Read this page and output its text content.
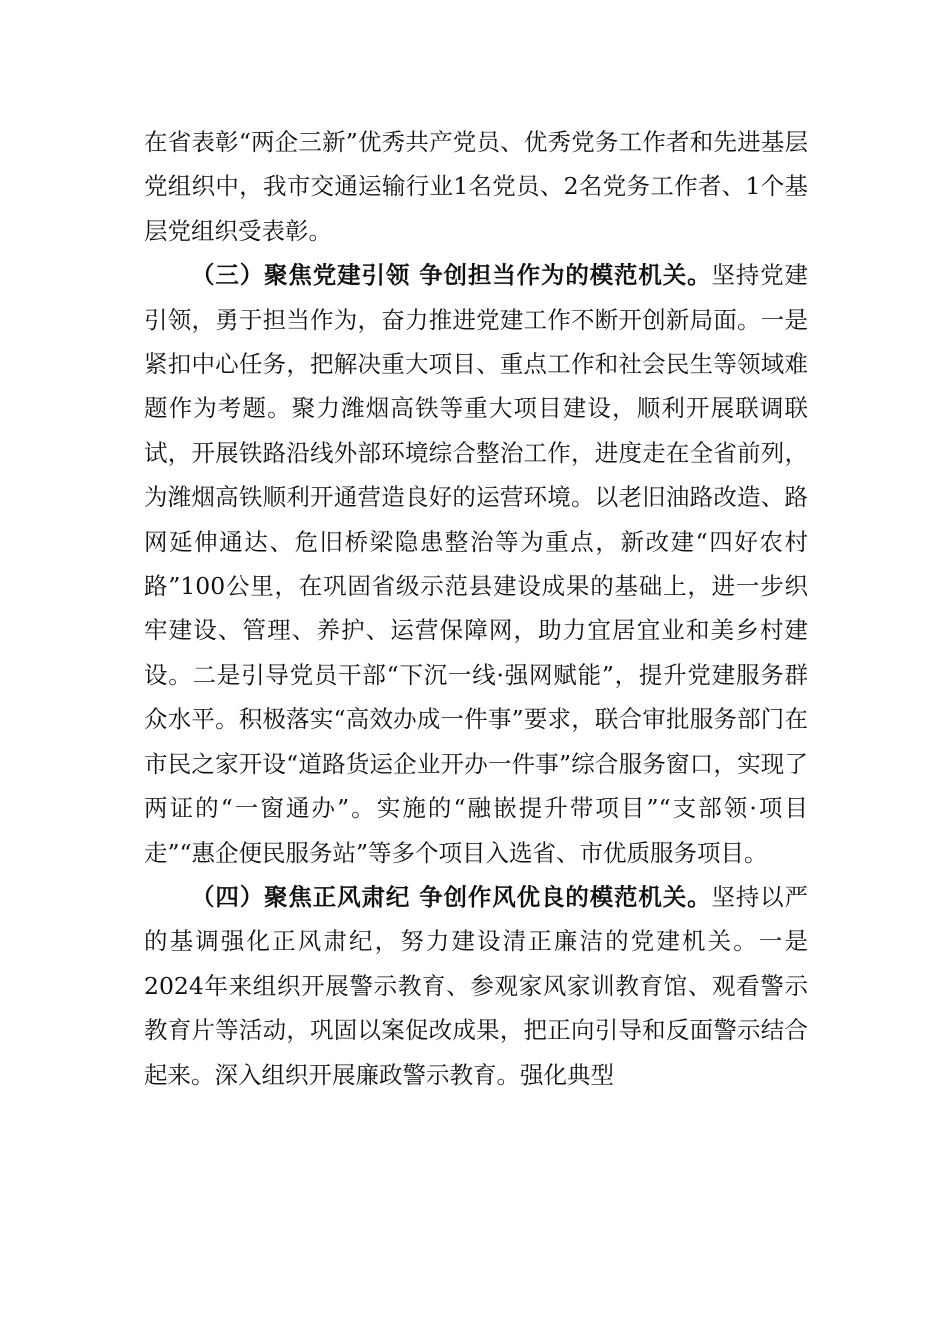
在省表彰“两企三新”优秀共产党员、优秀党务工作者和先进基层党组织中，我市交通运输行业1名党员、2名党务工作者、1个基层党组织受表彰。

（三）聚焦党建引领 争创担当作为的模范机关。坚持党建引领，勇于担当作为，奋力推进党建工作不断开创新局面。一是紧扣中心任务，把解决重大项目、重点工作和社会民生等领域难题作为考题。聚力潍烟高铁等重大项目建设，顺利开展联调联试，开展铁路沿线外部环境综合整治工作，进度走在全省前列，为潍烟高铁顺利开通营造良好的运营环境。以老旧油路改造、路网延伸通达、危旧桥梁隐患整治等为重点，新改建“四好农村路”100公里，在巩固省级示范县建设成果的基础上，进一步织牢建设、管理、养护、运营保障网，助力宜居宜业和美乡村建设。二是引导党员干部“下沉一线·强网赋能”，提升党建服务群众水平。积极落实“高效办成一件事”要求，联合审批服务部门在市民之家开设“道路货运企业开办一件事”综合服务窗口，实现了两证的“一窗通办”。实施的“融嵌提升带项目”“支部领·项目走”“惠企便民服务站”等多个项目入选省、市优质服务项目。

（四）聚焦正风肃纪 争创作风优良的模范机关。坚持以严的基调强化正风肃纪，努力建设清正廉洁的党建机关。一是2024年来组织开展警示教育、参观家风家训教育馆、观看警示教育片等活动，巩固以案促改成果，把正向引导和反面警示结合起来。深入组织开展廉政警示教育。强化典型
